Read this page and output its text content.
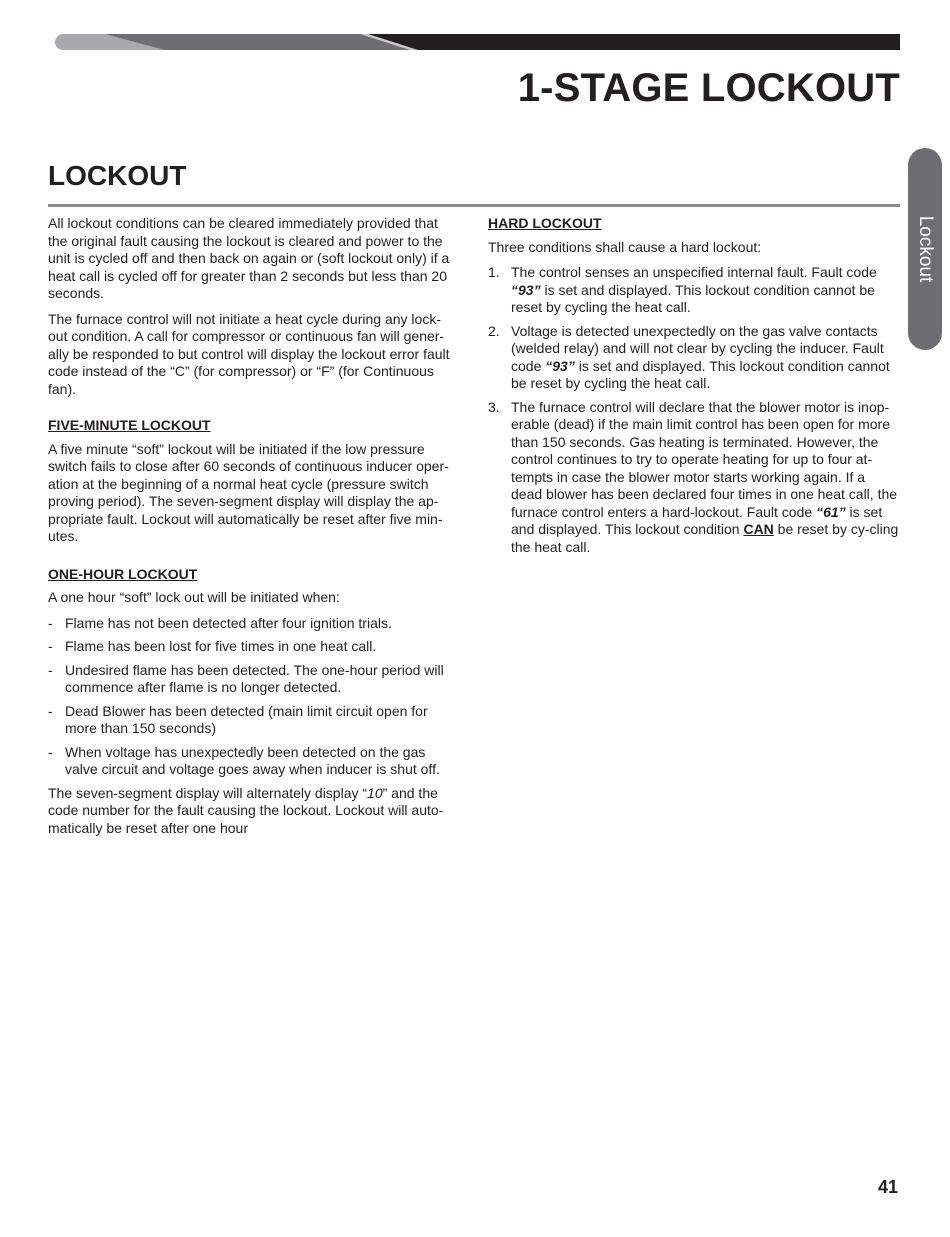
1-STAGE LOCKOUT
Lockout
LOCKOUT

All lockout conditions can be cleared immediately provided that the original fault causing the lockout is cleared and power to the unit is cycled off and then back on again or (soft lockout only) if a heat call is cycled off for greater than 2 seconds but less than 20 seconds.

The furnace control will not initiate a heat cycle during any lock-out condition. A call for compressor or continuous fan will gener-ally be responded to but control will display the lockout error fault code instead of the “C” (for compressor) or “F” (for Continuous fan).

FIVE-MINUTE LOCKOUT

A five minute “soft” lockout will be initiated if the low pressure switch fails to close after 60 seconds of continuous inducer oper-ation at the beginning of a normal heat cycle (pressure switch proving period). The seven-segment display will display the ap-propriate fault. Lockout will automatically be reset after five min-utes.

ONE-HOUR LOCKOUT

A one hour “soft” lock out will be initiated when:

- Flame has not been detected after four ignition trials.
- Flame has been lost for five times in one heat call.
- Undesired flame has been detected. The one-hour period will commence after flame is no longer detected.
- Dead Blower has been detected (main limit circuit open for more than 150 seconds)
- When voltage has unexpectedly been detected on the gas valve circuit and voltage goes away when inducer is shut off.

The seven-segment display will alternately display “10” and the code number for the fault causing the lockout. Lockout will auto-matically be reset after one hour

HARD LOCKOUT

Three conditions shall cause a hard lockout:

1. The control senses an unspecified internal fault. Fault code “93” is set and displayed. This lockout condition cannot be reset by cycling the heat call.
2. Voltage is detected unexpectedly on the gas valve contacts (welded relay) and will not clear by cycling the inducer. Fault code “93” is set and displayed. This lockout condition cannot be reset by cycling the heat call.
3. The furnace control will declare that the blower motor is inop-erable (dead) if the main limit control has been open for more than 150 seconds. Gas heating is terminated. However, the control continues to try to operate heating for up to four at-tempts in case the blower motor starts working again. If a dead blower has been declared four times in one heat call, the furnace control enters a hard-lockout. Fault code “61” is set and displayed. This lockout condition CAN be reset by cy-cling the heat call.
41
